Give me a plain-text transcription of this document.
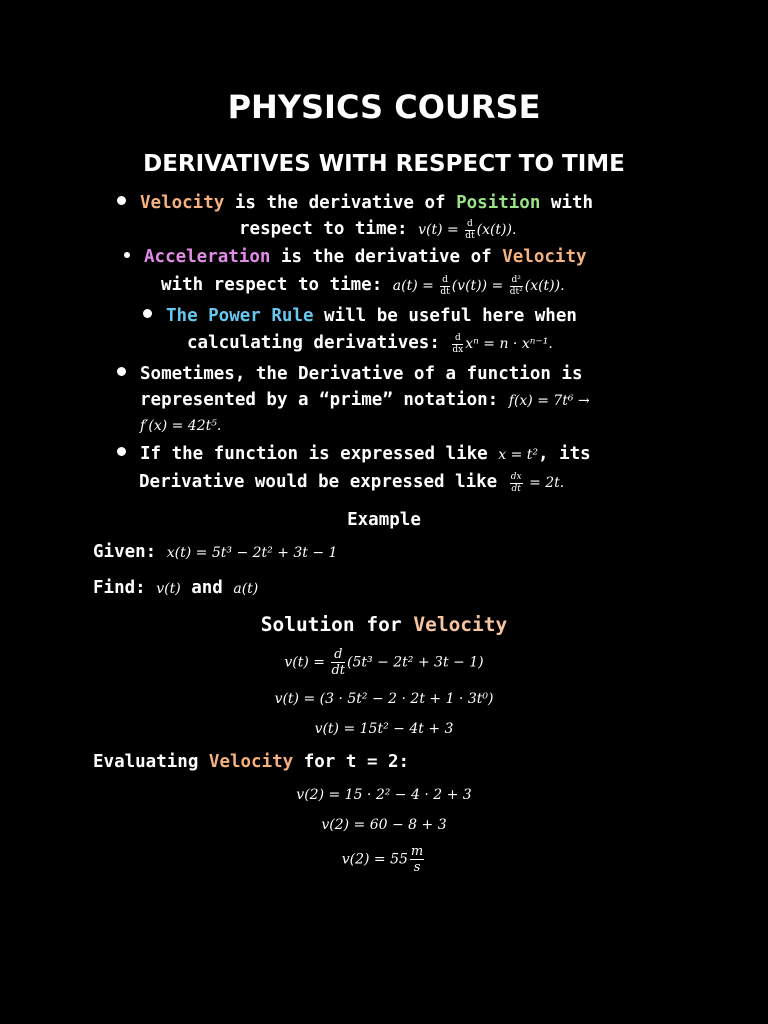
PHYSICS COURSE
DERIVATIVES WITH RESPECT TO TIME
Velocity is the derivative of Position with
respect to time: $v(t) = \frac{d}{dt} (x(t))$.
Acceleration is the derivative of Velocity
with respect to time: $a(t) = \frac{d}{dt} (v(t)) = \frac{\text{d²}}{\text{dt²}} (x(t))$.
The Power Rule will be useful here when
calculating derivatives: $\frac{d}{dx}$ xⁿ = n · xⁿ⁻¹.
Sometimes, the Derivative of a function is
represented by a “prime” notation: f(x) = 7t⁶ →
f′(x) = 42t⁵.
If the function is expressed like x = t², its
Derivative would be expressed like $\frac{dx}{dt} = 2t$.
Example
Given: x(t) = 5t³ − 2t² + 3t − 1
Find: v(t) and a(t)
Solution for Velocity
$v(t) = \frac{d}{dt} (5t^3 - 2t^2 + 3t - 1)$
v(t) = (3 · 5t² − 2 · 2t + 1 · 3t⁰)
v(t) = 15t² − 4t + 3
Evaluating Velocity for t = 2:
v(2) = 15 · 2² − 4 · 2 + 3
v(2) = 60 − 8 + 3
$v(2) = 55 \frac{m}{s}$
